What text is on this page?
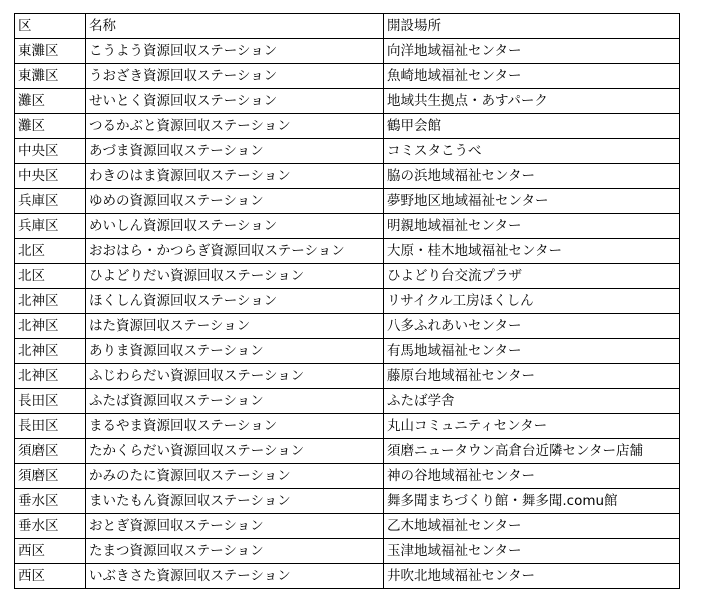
区	名称	開設場所
東灘区	こうよう資源回収ステーション	向洋地域福祉センター
東灘区	うおざき資源回収ステーション	魚崎地域福祉センター
灘区	せいとく資源回収ステーション	地域共生拠点・あすパーク
灘区	つるかぶと資源回収ステーション	鶴甲会館
中央区	あづま資源回収ステーション	コミスタこうべ
中央区	わきのはま資源回収ステーション	脇の浜地域福祉センター
兵庫区	ゆめの資源回収ステーション	夢野地区地域福祉センター
兵庫区	めいしん資源回収ステーション	明親地域福祉センター
北区	おおはら・かつらぎ資源回収ステーション	大原・桂木地域福祉センター
北区	ひよどりだい資源回収ステーション	ひよどり台交流プラザ
北神区	ほくしん資源回収ステーション	リサイクル工房ほくしん
北神区	はた資源回収ステーション	八多ふれあいセンター
北神区	ありま資源回収ステーション	有馬地域福祉センター
北神区	ふじわらだい資源回収ステーション	藤原台地域福祉センター
長田区	ふたば資源回収ステーション	ふたば学舎
長田区	まるやま資源回収ステーション	丸山コミュニティセンター
須磨区	たかくらだい資源回収ステーション	須磨ニュータウン高倉台近隣センター店舗
須磨区	かみのたに資源回収ステーション	神の谷地域福祉センター
垂水区	まいたもん資源回収ステーション	舞多聞まちづくり館・舞多聞.comu館
垂水区	おとぎ資源回収ステーション	乙木地域福祉センター
西区	たまつ資源回収ステーション	玉津地域福祉センター
西区	いぶきさた資源回収ステーション	井吹北地域福祉センター
